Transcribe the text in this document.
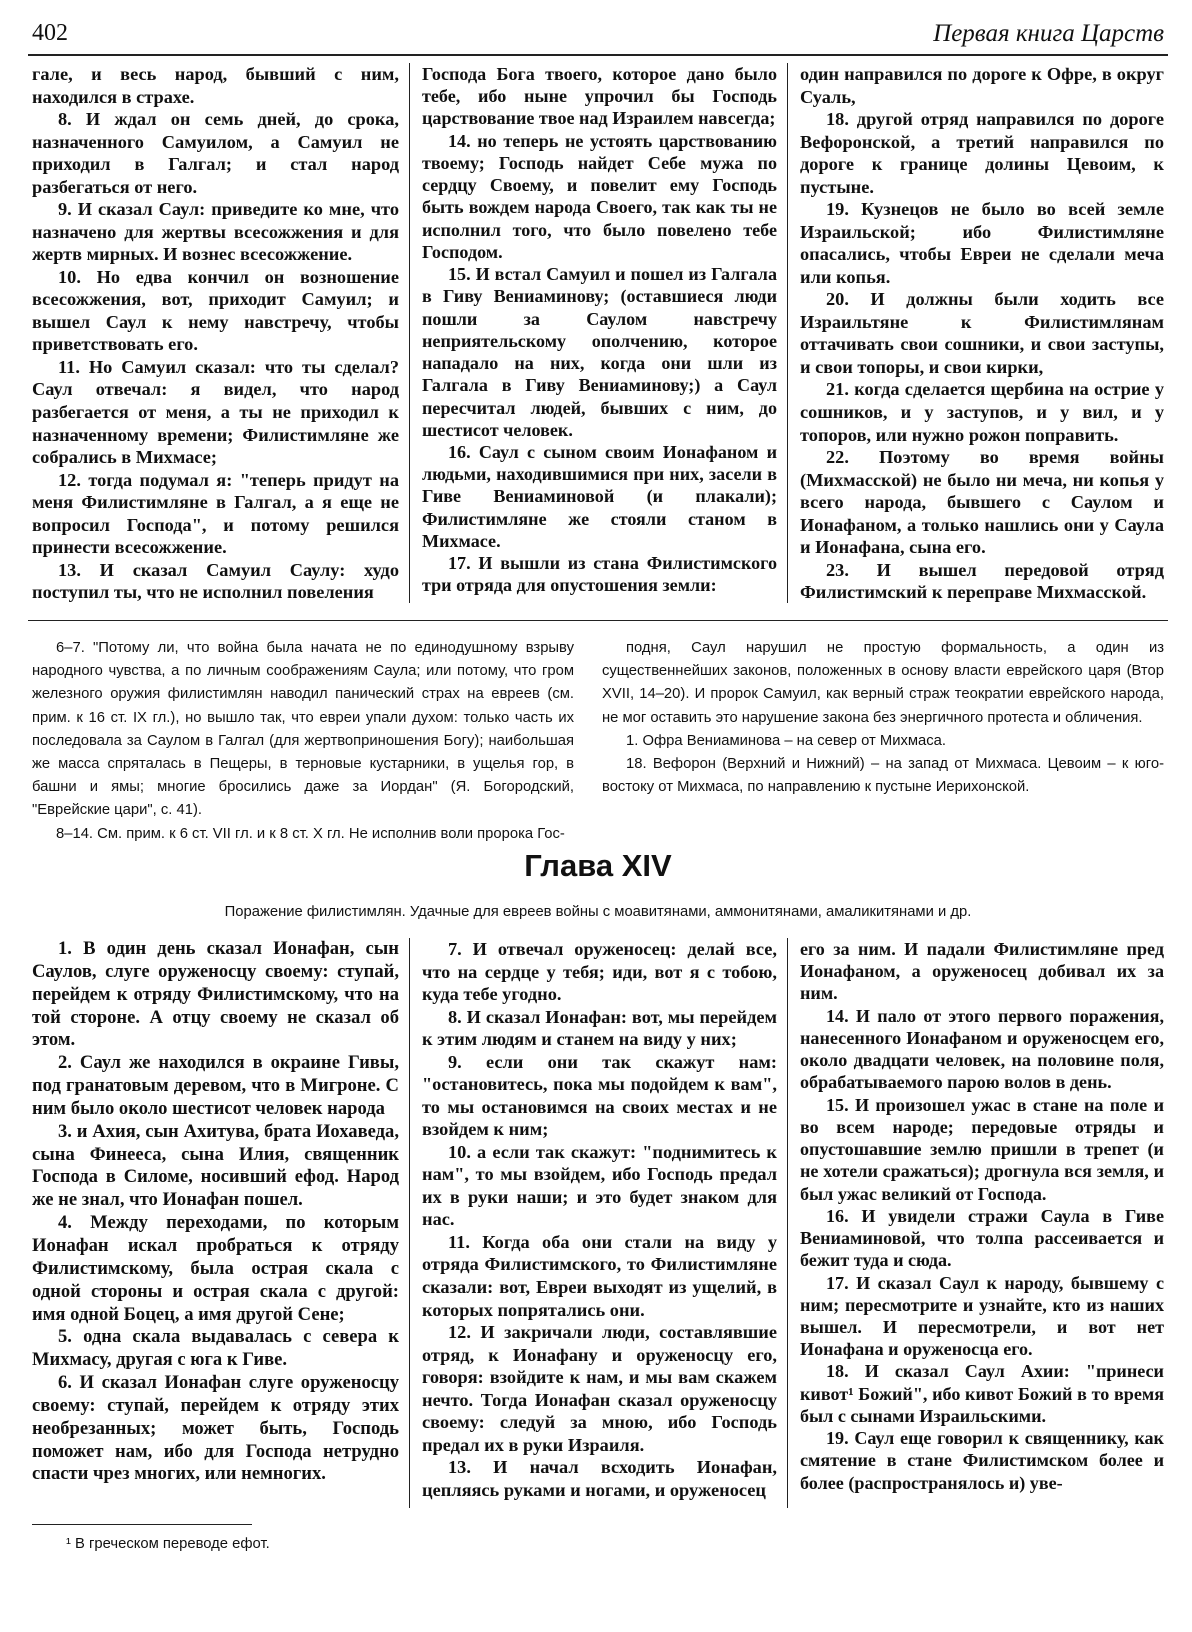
402	Первая книга Царств

гале, и весь народ, бывший с ним, находился в страхе.

8. И ждал он семь дней, до срока, назначенного Самуилом, а Самуил не приходил в Галгал; и стал народ разбегаться от него.

9. И сказал Саул: приведите ко мне, что назначено для жертвы всесожжения и для жертв мирных. И вознес всесожжение.

10. Но едва кончил он возношение всесожжения, вот, приходит Самуил; и вышел Саул к нему навстречу, чтобы приветствовать его.

11. Но Самуил сказал: что ты сделал? Саул отвечал: я видел, что народ разбегается от меня, а ты не приходил к назначенному времени; Филистимляне же собрались в Михмасе;

12. тогда подумал я: "теперь придут на меня Филистимляне в Галгал, а я еще не вопросил Господа", и потому решился принести всесожжение.

13. И сказал Самуил Саулу: худо поступил ты, что не исполнил повеления

Господа Бога твоего, которое дано было тебе, ибо ныне упрочил бы Господь царствование твое над Израилем навсегда;

14. но теперь не устоять царствованию твоему; Господь найдет Себе мужа по сердцу Своему, и повелит ему Господь быть вождем народа Своего, так как ты не исполнил того, что было повелено тебе Господом.

15. И встал Самуил и пошел из Галгала в Гиву Вениаминову; (оставшиеся люди пошли за Саулом навстречу неприятельскому ополчению, которое нападало на них, когда они шли из Галгала в Гиву Вениаминову;) а Саул пересчитал людей, бывших с ним, до шестисот человек.

16. Саул с сыном своим Ионафаном и людьми, находившимися при них, засели в Гиве Вениаминовой (и плакали); Филистимляне же стояли станом в Михмасе.

17. И вышли из стана Филистимского три отряда для опустошения земли:

один направился по дороге к Офре, в округ Суаль,

18. другой отряд направился по дороге Вефоронской, а третий направился по дороге к границе долины Цевоим, к пустыне.

19. Кузнецов не было во всей земле Израильской; ибо Филистимляне опасались, чтобы Евреи не сделали меча или копья.

20. И должны были ходить все Израильтяне к Филистимлянам оттачивать свои сошники, и свои заступы, и свои топоры, и свои кирки,

21. когда сделается щербина на острие у сошников, и у заступов, и у вил, и у топоров, или нужно рожон поправить.

22. Поэтому во время войны (Михмасской) не было ни меча, ни копья у всего народа, бывшего с Саулом и Ионафаном, а только нашлись они у Саула и Ионафана, сына его.

23. И вышел передовой отряд Филистимский к переправе Михмасской.

6–7. "Потому ли, что война была начата не по единодушному взрыву народного чувства, а по личным соображениям Саула; или потому, что гром железного оружия филистимлян наводил панический страх на евреев (см. прим. к 16 ст. IX гл.), но вышло так, что евреи упали духом: только часть их последовала за Саулом в Галгал (для жертвоприношения Богу); наибольшая же масса спряталась в Пещеры, в терновые кустарники, в ущелья гор, в башни и ямы; многие бросились даже за Иордан" (Я. Богородский, "Еврейские цари", с. 41).

8–14. См. прим. к 6 ст. VII гл. и к 8 ст. X гл. Не исполнив воли пророка Гос-

подня, Саул нарушил не простую формальность, а один из существеннейших законов, положенных в основу власти еврейского царя (Втор XVII, 14–20). И пророк Самуил, как верный страж теократии еврейского народа, не мог оставить это нарушение закона без энергичного протеста и обличения.

1. Офра Вениаминова – на север от Михмаса.

18. Вефорон (Верхний и Нижний) – на запад от Михмаса. Цевоим – к юго-востоку от Михмаса, по направлению к пустыне Иерихонской.

Глава XIV
Поражение филистимлян. Удачные для евреев войны с моавитянами, аммонитянами, амаликитянами и др.

1. В один день сказал Ионафан, сын Саулов, слуге оруженосцу своему: ступай, перейдем к отряду Филистимскому, что на той стороне. А отцу своему не сказал об этом.

2. Саул же находился в окраине Гивы, под гранатовым деревом, что в Мигроне. С ним было около шестисот человек народа

3. и Ахия, сын Ахитува, брата Иохаведа, сына Финееса, сына Илия, священник Господа в Силоме, носивший ефод. Народ же не знал, что Ионафан пошел.

4. Между переходами, по которым Ионафан искал пробраться к отряду Филистимскому, была острая скала с одной стороны и острая скала с другой: имя одной Боцец, а имя другой Сене;

5. одна скала выдавалась с севера к Михмасу, другая с юга к Гиве.

6. И сказал Ионафан слуге оруженосцу своему: ступай, перейдем к отряду этих необрезанных; может быть, Господь поможет нам, ибо для Господа нетрудно спасти чрез многих, или немногих.

7. И отвечал оруженосец: делай все, что на сердце у тебя; иди, вот я с тобою, куда тебе угодно.

8. И сказал Ионафан: вот, мы перейдем к этим людям и станем на виду у них;

9. если они так скажут нам: "остановитесь, пока мы подойдем к вам", то мы остановимся на своих местах и не взойдем к ним;

10. а если так скажут: "поднимитесь к нам", то мы взойдем, ибо Господь предал их в руки наши; и это будет знаком для нас.

11. Когда оба они стали на виду у отряда Филистимского, то Филистимляне сказали: вот, Евреи выходят из ущелий, в которых попрятались они.

12. И закричали люди, составлявшие отряд, к Ионафану и оруженосцу его, говоря: взойдите к нам, и мы вам скажем нечто. Тогда Ионафан сказал оруженосцу своему: следуй за мною, ибо Господь предал их в руки Израиля.

13. И начал всходить Ионафан, цепляясь руками и ногами, и оруженосец

его за ним. И падали Филистимляне пред Ионафаном, а оруженосец добивал их за ним.

14. И пало от этого первого поражения, нанесенного Ионафаном и оруженосцем его, около двадцати человек, на половине поля, обрабатываемого парою волов в день.

15. И произошел ужас в стане на поле и во всем народе; передовые отряды и опустошавшие землю пришли в трепет (и не хотели сражаться); дрогнула вся земля, и был ужас великий от Господа.

16. И увидели стражи Саула в Гиве Вениаминовой, что толпа рассеивается и бежит туда и сюда.

17. И сказал Саул к народу, бывшему с ним; пересмотрите и узнайте, кто из наших вышел. И пересмотрели, и вот нет Ионафана и оруженосца его.

18. И сказал Саул Ахии: "принеси кивот¹ Божий", ибо кивот Божий в то время был с сынами Израильскими.

19. Саул еще говорил к священнику, как смятение в стане Филистимском более и более (распространялось и) уве-

¹ В греческом переводе ефот.
